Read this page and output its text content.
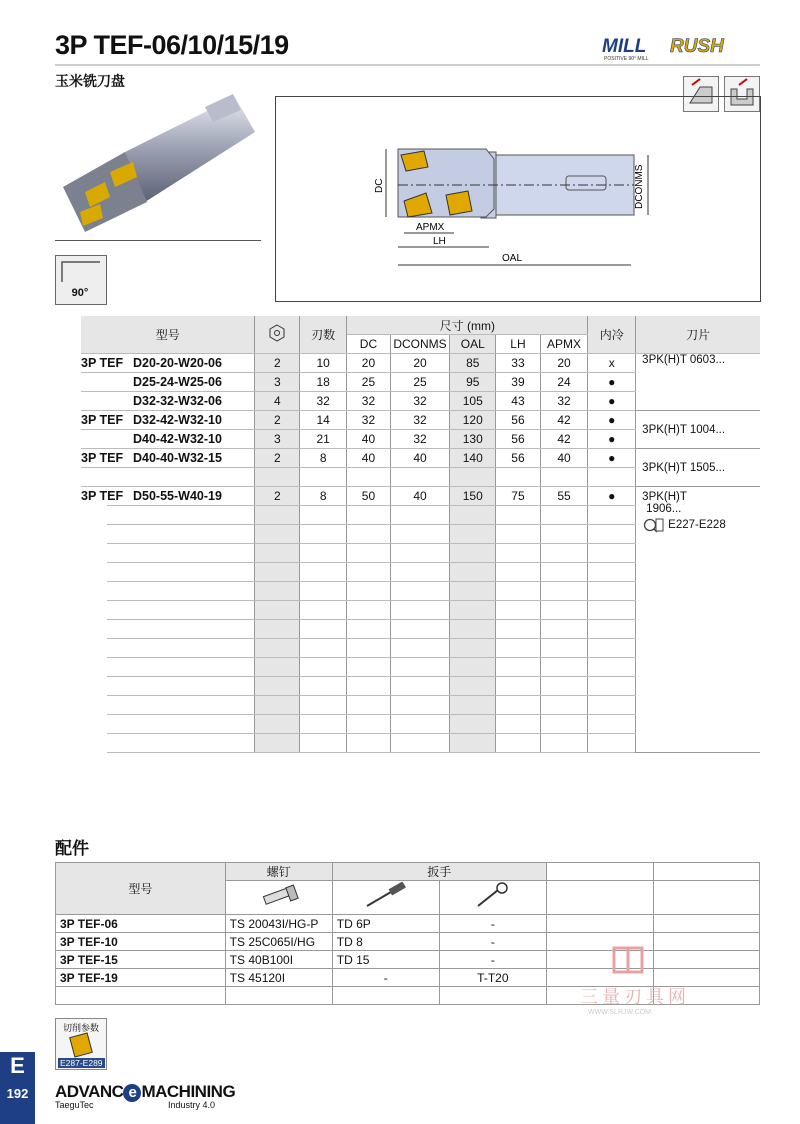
3P TEF-06/10/15/19
玉米铣刀盘
MILL RUSH
POSITIVE 90° MILL
90°
DC	DCONMS
APMX
LH
OAL
型号		刃数	尺寸 (mm)					内冷	刀片
			DC	DCONMS	OAL	LH	APMX		
3P TEF D20-20-W20-06	2	10	20	20	85	33	20	x	3PK(H)T 0603...
D25-24-W25-06	3	18	25	25	95	39	24	●	
D32-32-W32-06	4	32	32	32	105	43	32	●	
3P TEF D32-42-W32-10	2	14	32	32	120	56	42	●	3PK(H)T 1004...
D40-42-W32-10	3	21	40	32	130	56	42	●	
3P TEF D40-40-W32-15	2	8	40	40	140	56	40	●	3PK(H)T 1505...

3P TEF D50-55-W40-19	2	8	50	40	150	75	55	●	3PK(H)T
1906...
E227-E228

配件
型号	螺钉	扳手			

3P TEF-06	TS 20043I/HG-P	TD 6P	-		
3P TEF-10	TS 25C065I/HG	TD 8	-		
3P TEF-15	TS 40B100I	TD 15	-		
3P TEF-19	TS 45120I	-	T-T20		

三量刃具网
WWW.SLRJW.COM
切削参数
E287-E289
E
192	ADVANC e MACHINING
TaeguTec	Industry 4.0
